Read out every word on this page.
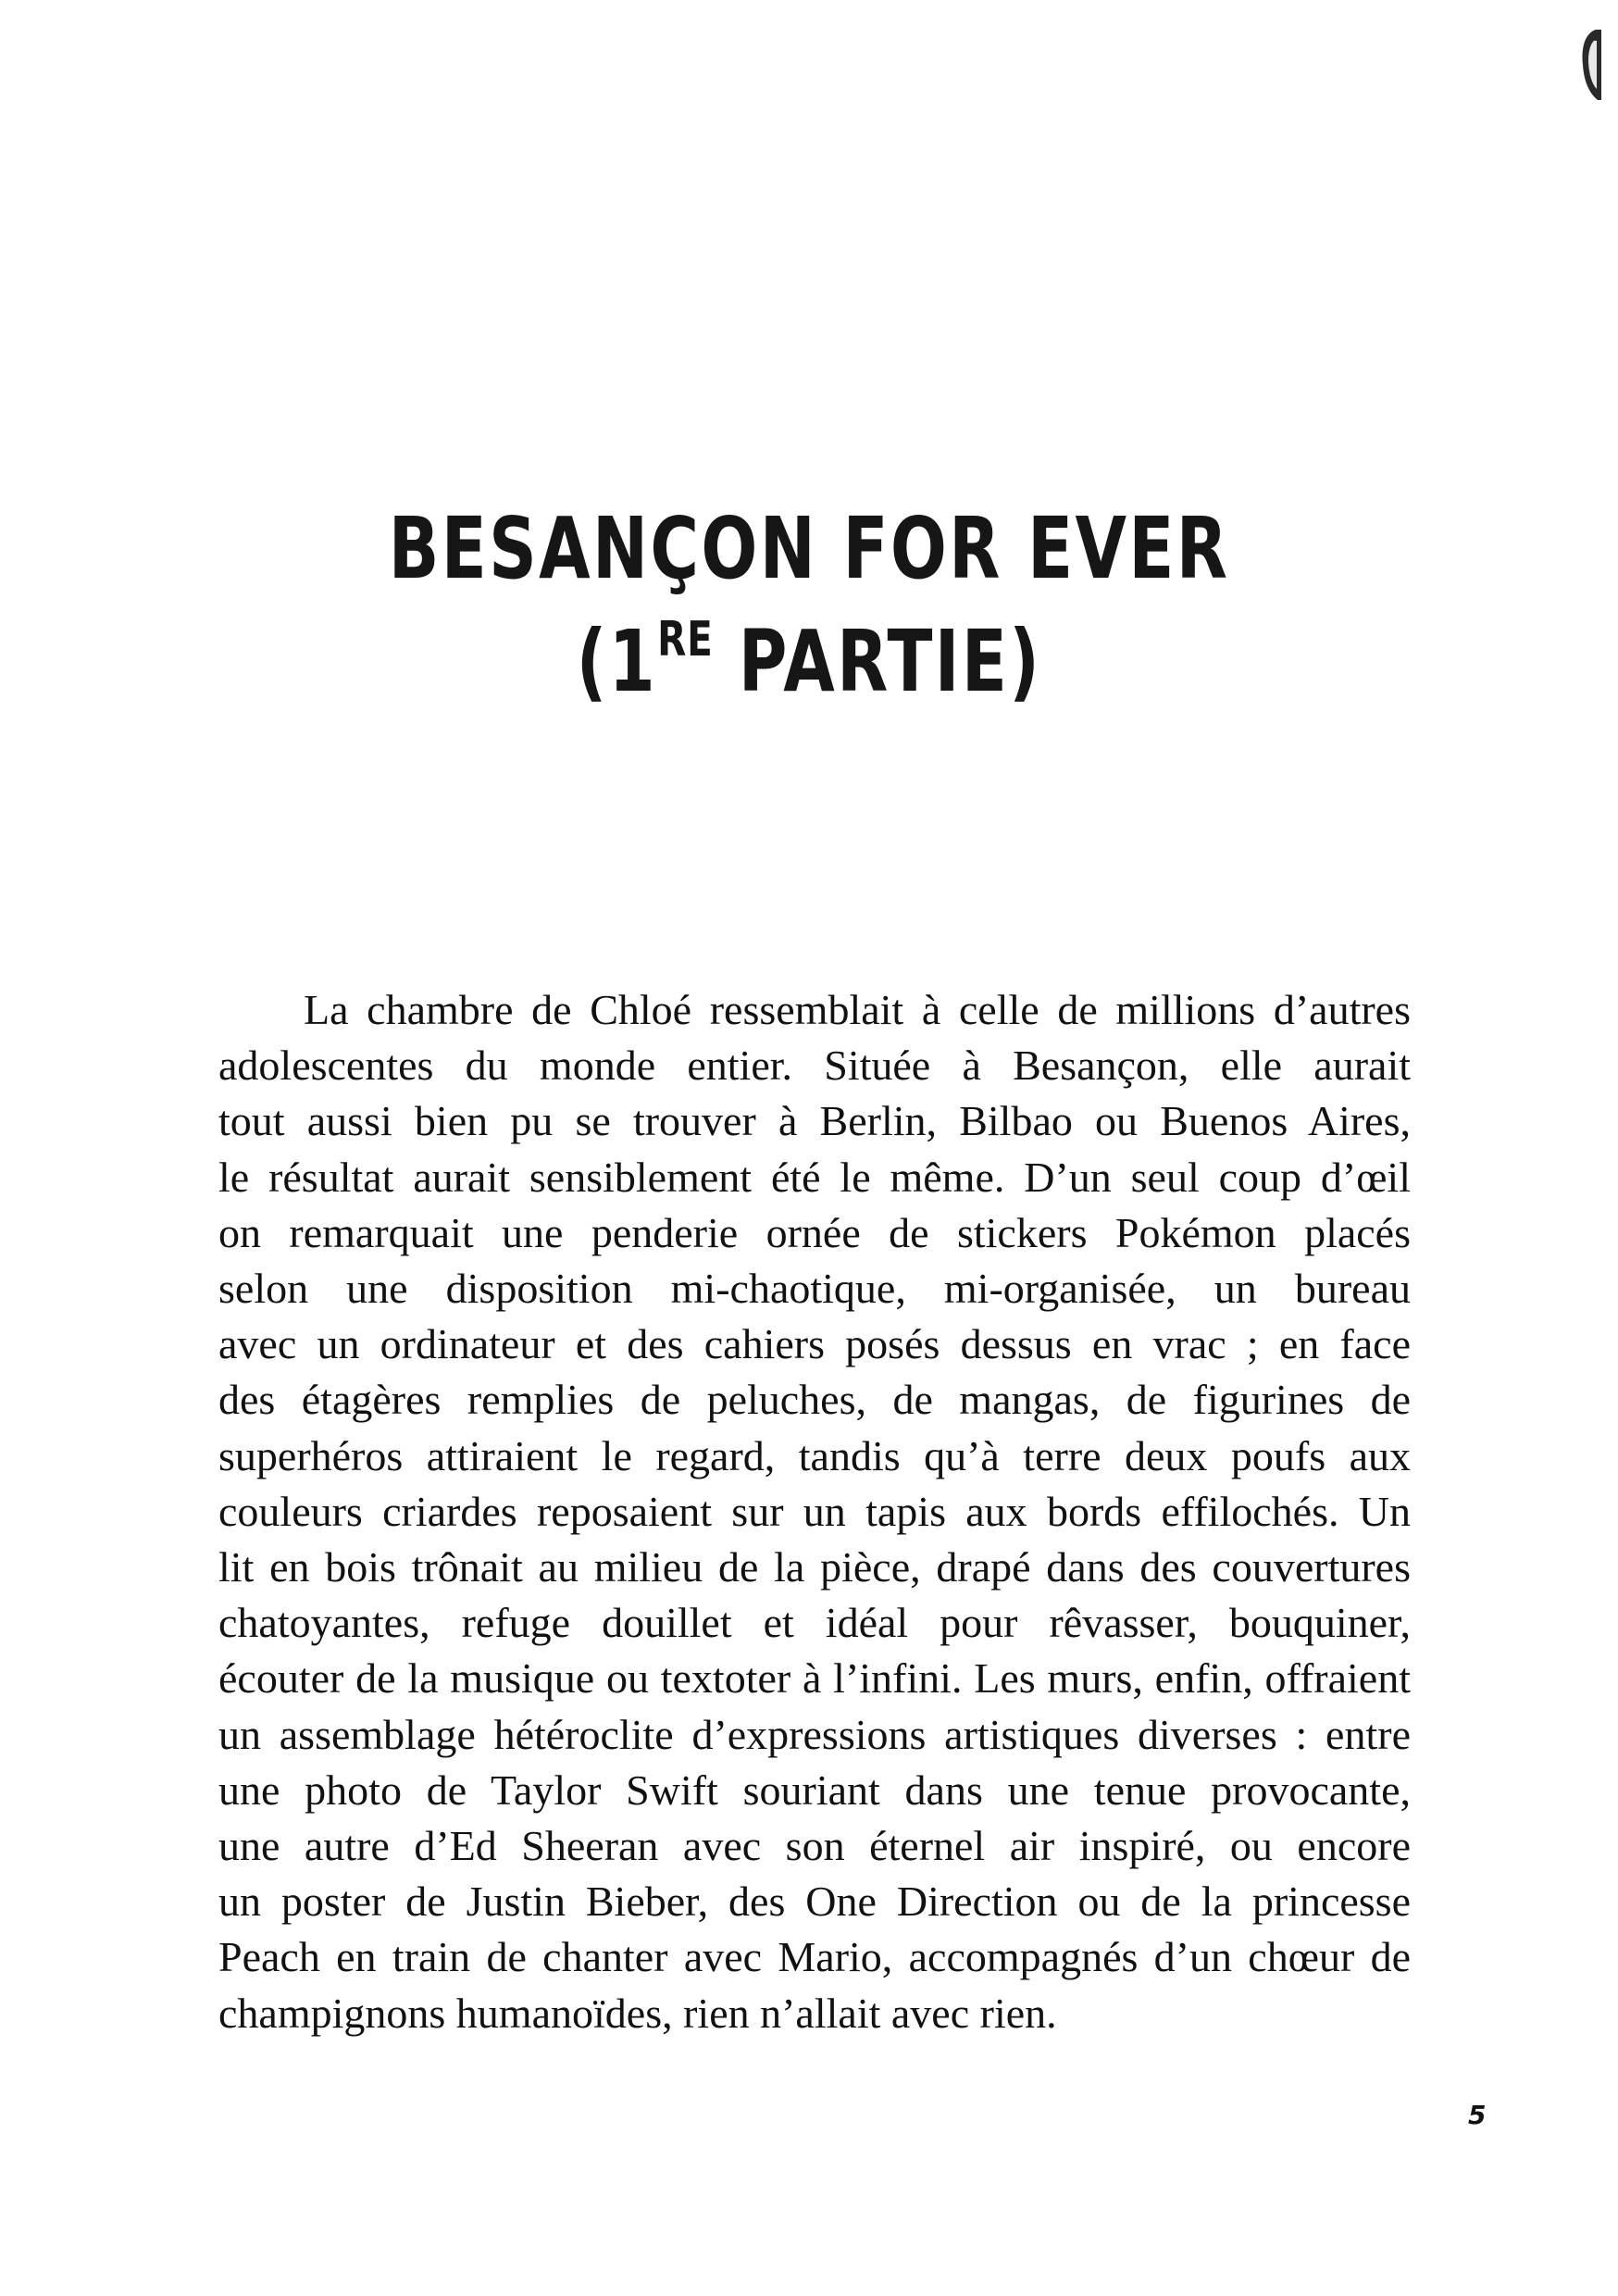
BESANÇON FOR EVER
(1RE PARTIE)
La chambre de Chloé ressemblait à celle de millions d’autres
adolescentes du monde entier. Située à Besançon, elle aurait
tout aussi bien pu se trouver à Berlin, Bilbao ou Buenos Aires,
le résultat aurait sensiblement été le même. D’un seul coup d’œil
on remarquait une penderie ornée de stickers Pokémon placés
selon une disposition mi-chaotique, mi-organisée, un bureau
avec un ordinateur et des cahiers posés dessus en vrac ; en face
des étagères remplies de peluches, de mangas, de figurines de
superhéros attiraient le regard, tandis qu’à terre deux poufs aux
couleurs criardes reposaient sur un tapis aux bords effilochés. Un
lit en bois trônait au milieu de la pièce, drapé dans des couvertures
chatoyantes, refuge douillet et idéal pour rêvasser, bouquiner,
écouter de la musique ou textoter à l’infini. Les murs, enfin, offraient
un assemblage hétéroclite d’expressions artistiques diverses : entre
une photo de Taylor Swift souriant dans une tenue provocante,
une autre d’Ed Sheeran avec son éternel air inspiré, ou encore
un poster de Justin Bieber, des One Direction ou de la princesse
Peach en train de chanter avec Mario, accompagnés d’un chœur de
champignons humanoïdes, rien n’allait avec rien.
5
